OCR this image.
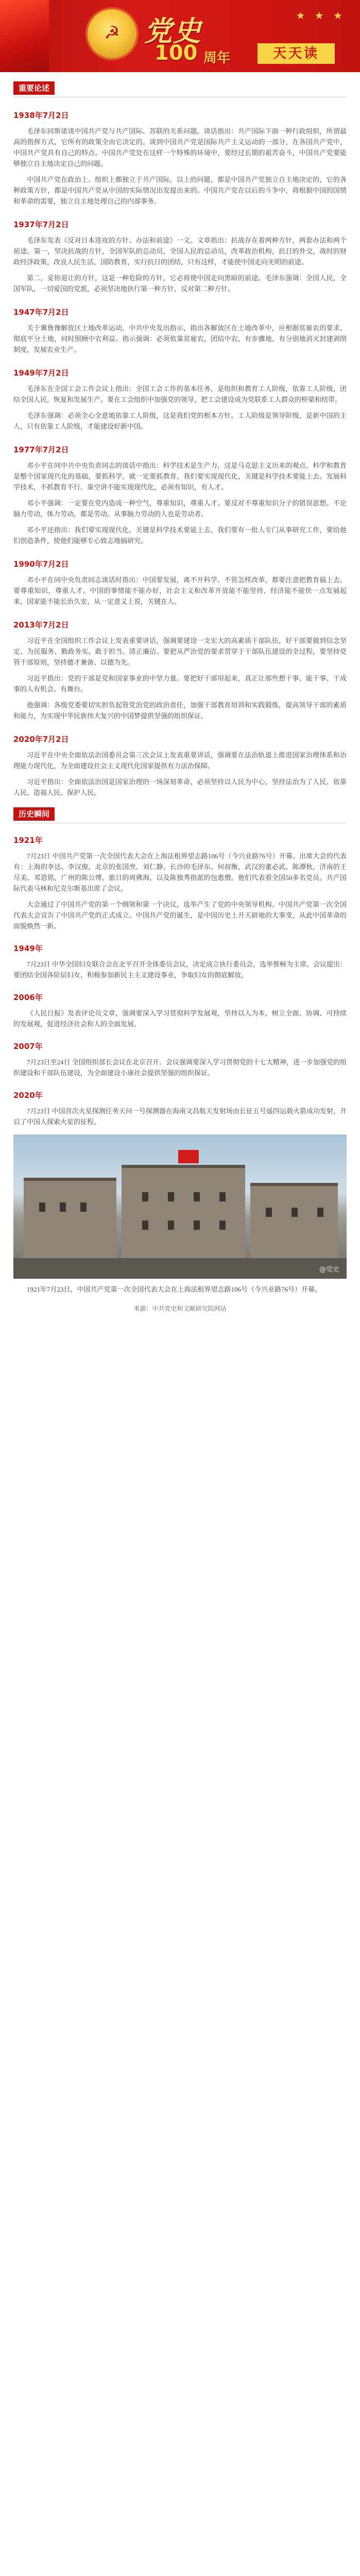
☭ 党史
100 周年	天天读
★ ★ ★
重要论述
1938年7月2日

毛泽东同斯诺谈中国共产党与共产国际、苏联的关系问题。谈话指出：共产国际下面一种行政组织，所谓最高的指挥方式，它所有的政策全由它决定的。谈到中国共产党是国际共产主义运动的一部分，在各国共产党中，中国共产党具有自己的特点。中国共产党处在这样一个特殊的环境中，要经过长期的艰苦奋斗，中国共产党要能够独立自主地决定自己的问题。

中国共产党在政治上、组织上都独立于共产国际，以上的问题，都是中国共产党独立自主地决定的，它的各种政策方针，都是中国共产党从中国的实际情况出发提出来的。中国共产党在以后的斗争中，将根据中国的国情和革命的需要，独立自主地处理自己的内部事务。

1937年7月2日

毛泽东发表《反对日本进攻的方针、办法和前途》一文。文章指出：抗战存在着两种方针，两套办法和两个前途。第一，坚决抗战的方针，全国军队的总动员，全国人民的总动员，改革政治机构，抗日的外交，战时的财政经济政策，改良人民生活，国防教育，实行抗日的团结，只有这样，才能使中国走向光明的前途。

第二，妥协退让的方针，这是一种危险的方针，它必将使中国走向黑暗的前途。毛泽东强调：全国人民，全国军队，一切爱国的党派，必须坚决地执行第一种方针，反对第二种方针。

1947年7月2日

关于冀鲁豫解放区土地改革运动，中共中央发出指示，指出各解放区在土地改革中，应根据贫雇农的要求，彻底平分土地，同时照顾中农利益。指示强调：必须依靠贫雇农，团结中农，有步骤地、有分别地消灭封建剥削制度，发展农业生产。

1949年7月2日

毛泽东在全国工会工作会议上指出：全国工会工作的基本任务，是组织和教育工人阶级，依靠工人阶级，团结全国人民，恢复和发展生产。要在工会组织中加强党的领导，把工会建设成为党联系工人群众的桥梁和纽带。

毛泽东强调：必须全心全意地依靠工人阶级，这是我们党的根本方针。工人阶级是领导阶级，是新中国的主人，只有依靠工人阶级，才能建设好新中国。

1977年7月2日

邓小平在同中共中央负责同志的谈话中指出：科学技术是生产力，这是马克思主义历来的观点。科学和教育是整个国家现代化的基础，要抓科学，就一定要抓教育。我们要实现现代化，关键是科学技术要能上去。发展科学技术，不抓教育不行。靠空讲不能实现现代化，必须有知识，有人才。

邓小平强调：一定要在党内造成一种空气，尊重知识，尊重人才。要反对不尊重知识分子的错误思想。不论脑力劳动，体力劳动，都是劳动。从事脑力劳动的人也是劳动者。

邓小平还指出：我们要实现现代化，关键是科学技术要能上去。我们要有一批人专门从事研究工作，要给他们创造条件，使他们能够专心致志地搞研究。

1990年7月2日

邓小平在同中央负责同志谈话时指出：中国要发展，离不开科学。不管怎样改革，都要注意把教育搞上去。要尊重知识，尊重人才。中国的事情能不能办好，社会主义和改革开放能不能坚持，经济能不能快一点发展起来，国家能不能长治久安，从一定意义上说，关键在人。

2013年7月2日

习近平在全国组织工作会议上发表重要讲话，强调要建设一支宏大的高素质干部队伍，好干部要做到信念坚定、为民服务、勤政务实、敢于担当、清正廉洁。要把从严治党的要求贯穿于干部队伍建设的全过程，要坚持党管干部原则，坚持德才兼备、以德为先。

习近平指出：党的干部是党和国家事业的中坚力量。要把好干部用起来，真正让那些想干事、能干事、干成事的人有机会、有舞台。

他强调：各级党委要切实担负起管党治党的政治责任，加强干部教育培训和实践锻炼，提高领导干部的素质和能力，为实现中华民族伟大复兴的中国梦提供坚强的组织保证。

2020年7月2日

习近平在中央全面依法治国委员会第三次会议上发表重要讲话，强调要在法治轨道上推进国家治理体系和治理能力现代化，为全面建设社会主义现代化国家提供有力法治保障。

习近平指出：全面依法治国是国家治理的一场深刻革命，必须坚持以人民为中心，坚持法治为了人民、依靠人民、造福人民、保护人民。

历史瞬间
1921年

7月23日 中国共产党第一次全国代表大会在上海法租界望志路106号（今兴业路76号）开幕。出席大会的代表有：上海的李达、李汉俊，北京的张国焘、刘仁静，长沙的毛泽东、何叔衡，武汉的董必武、陈潭秋，济南的王尽美、邓恩铭，广州的陈公博，旅日的周佛海，以及陈独秀指派的包惠僧。他们代表着全国50多名党员。共产国际代表马林和尼克尔斯基出席了会议。

大会通过了中国共产党的第一个纲领和第一个决议，选举产生了党的中央领导机构。中国共产党第一次全国代表大会宣告了中国共产党的正式成立。中国共产党的诞生，是中国历史上开天辟地的大事变，从此中国革命的面貌焕然一新。

1949年

7月23日 中华全国妇女联合会在北平召开全体委员会议，决定成立执行委员会，选举蔡畅为主席。会议提出：要团结全国各阶层妇女，积极参加新民主主义建设事业，争取妇女的彻底解放。

2006年

《人民日报》发表评论员文章，强调要深入学习贯彻科学发展观，坚持以人为本，树立全面、协调、可持续的发展观，促进经济社会和人的全面发展。

2007年

7月23日至24日 全国组织部长会议在北京召开。会议强调要深入学习贯彻党的十七大精神，进一步加强党的组织建设和干部队伍建设，为全面建设小康社会提供坚强的组织保证。

2020年

7月23日 中国首次火星探测任务天问一号探测器在海南文昌航天发射场由长征五号遥四运载火箭成功发射，开启了中国人探索火星的征程。

@党史

1921年7月23日，中国共产党第一次全国代表大会在上海法租界望志路106号（今兴业路76号）开幕。

来源：中共党史和文献研究院网站
